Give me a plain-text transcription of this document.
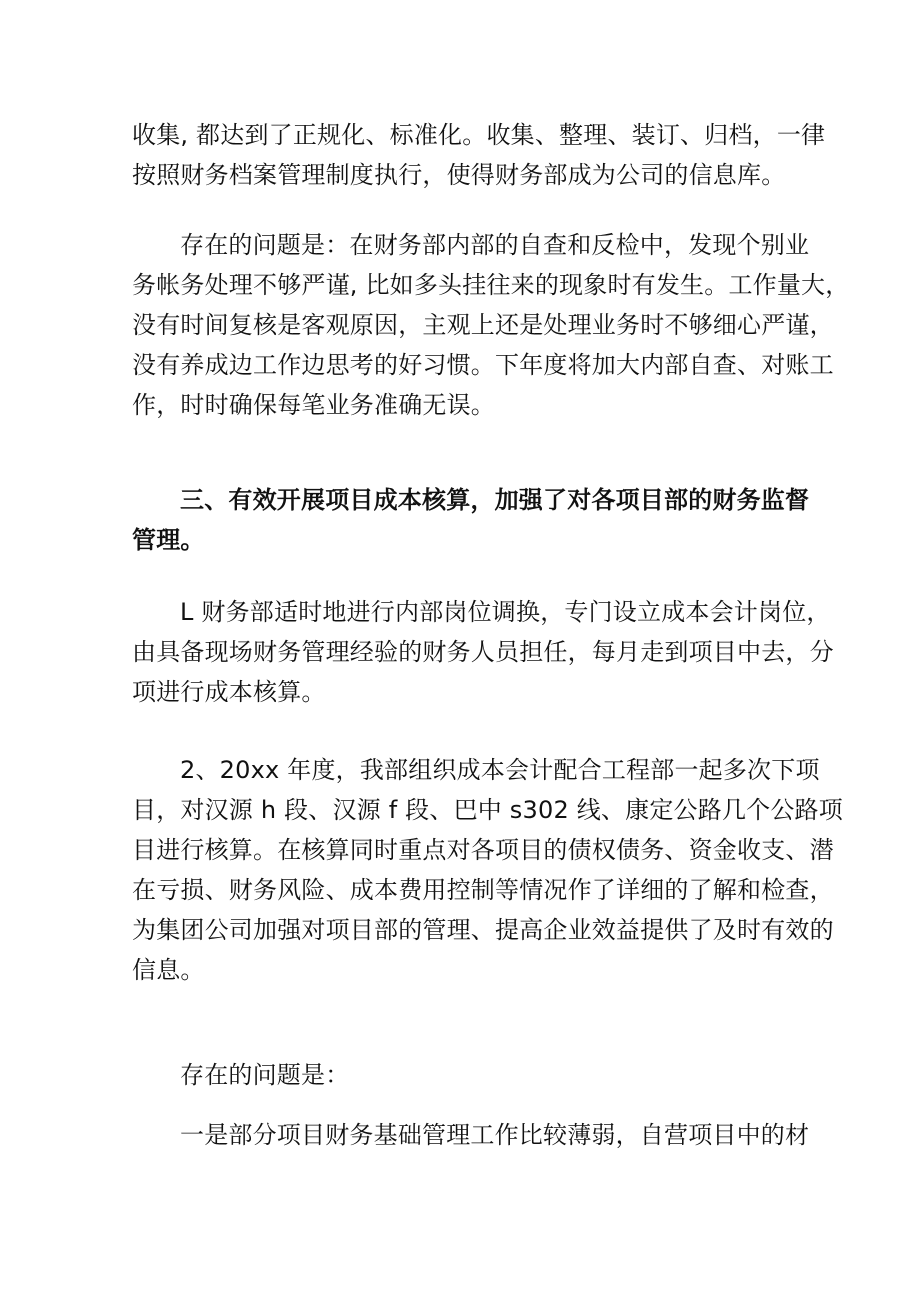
收集, 都达到了正规化、标准化。收集、整理、装订、归档，一律
按照财务档案管理制度执行，使得财务部成为公司的信息库。
存在的问题是：在财务部内部的自查和反检中，发现个别业
务帐务处理不够严谨, 比如多头挂往来的现象时有发生。工作量大，
没有时间复核是客观原因，主观上还是处理业务时不够细心严谨，
没有养成边工作边思考的好习惯。下年度将加大内部自查、对账工
作，时时确保每笔业务准确无误。
三、有效开展项目成本核算，加强了对各项目部的财务监督
管理。
L 财务部适时地进行内部岗位调换，专门设立成本会计岗位，
由具备现场财务管理经验的财务人员担任，每月走到项目中去，分
项进行成本核算。
2、20xx 年度，我部组织成本会计配合工程部一起多次下项
目，对汉源 h 段、汉源 f 段、巴中 s302 线、康定公路几个公路项
目进行核算。在核算同时重点对各项目的债权债务、资金收支、潜
在亏损、财务风险、成本费用控制等情况作了详细的了解和检查，
为集团公司加强对项目部的管理、提高企业效益提供了及时有效的
信息。
存在的问题是：
一是部分项目财务基础管理工作比较薄弱，自营项目中的材
